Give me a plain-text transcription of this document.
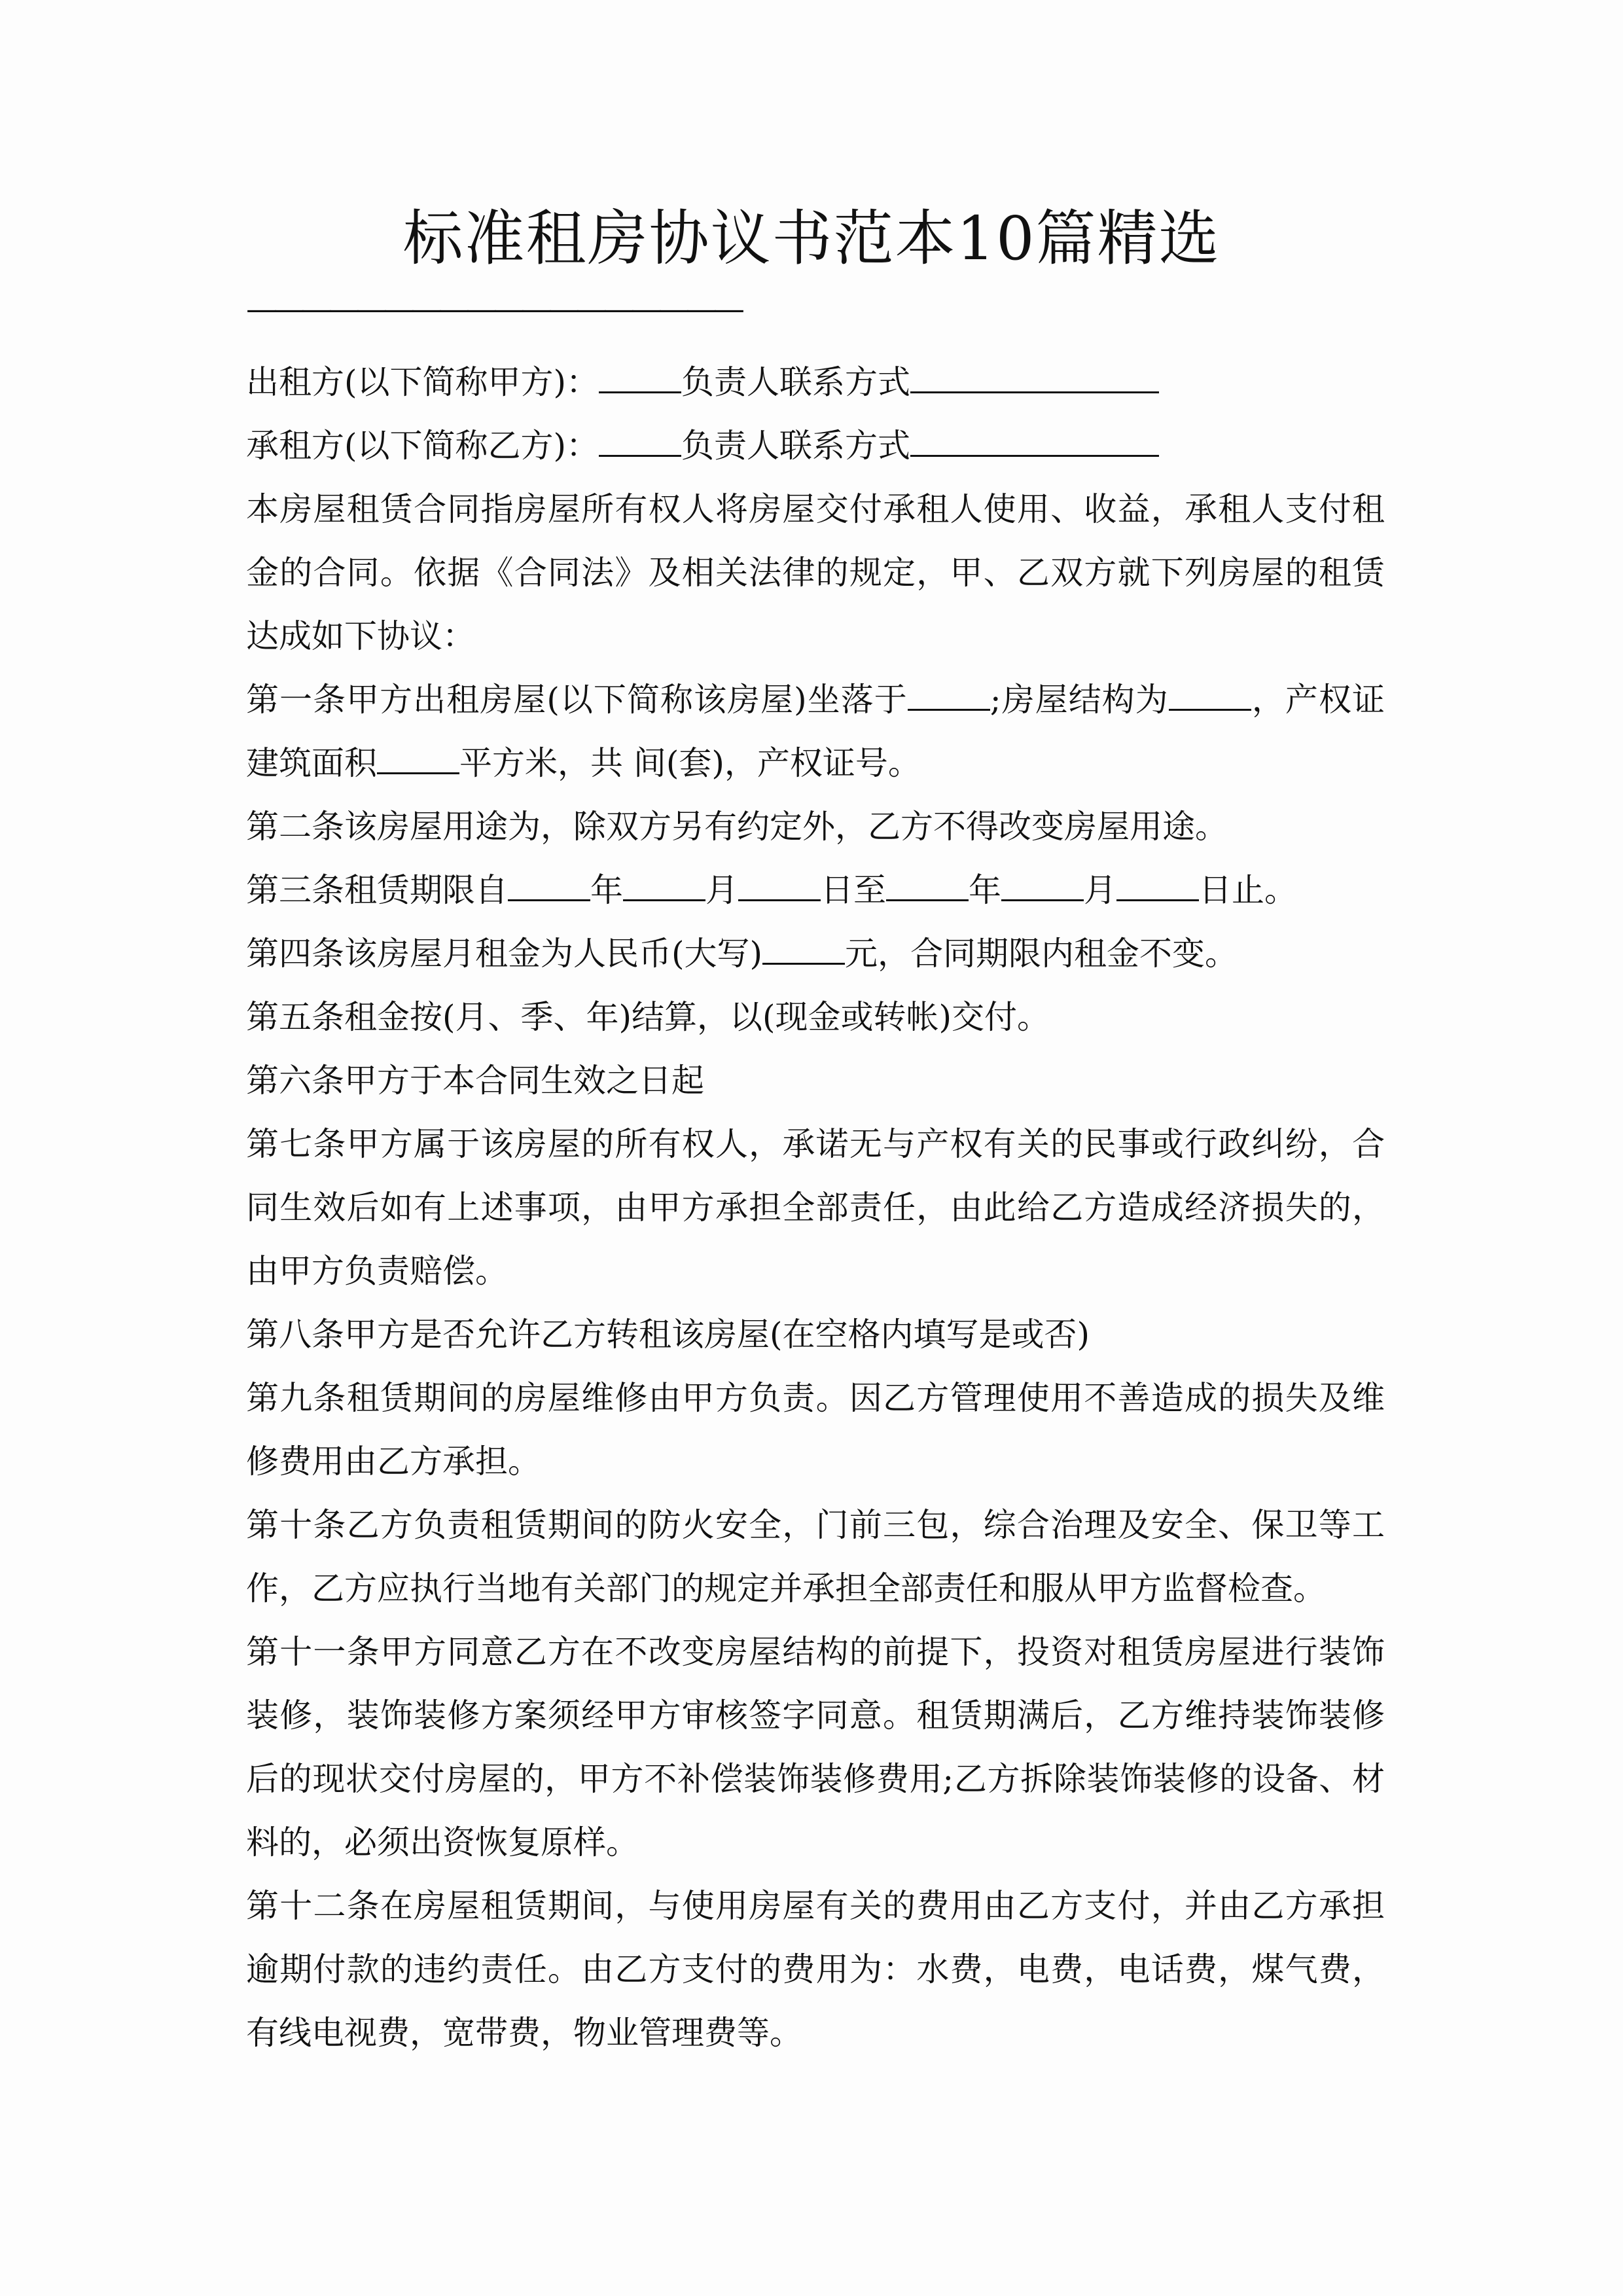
标准租房协议书范本10篇精选
——————————————————

出租方(以下简称甲方)：	负责人联系方式

承租方(以下简称乙方)：	负责人联系方式

本房屋租赁合同指房屋所有权人将房屋交付承租人使用、收益，承租人支付租金的合同。依据《合同法》及相关法律的规定，甲、乙双方就下列房屋的租赁达成如下协议：

第一条甲方出租房屋(以下简称该房屋)坐落于	;房屋结构为	，产权证建筑面积	平方米，共 间(套)，产权证号。

第二条该房屋用途为，除双方另有约定外，乙方不得改变房屋用途。

第三条租赁期限自	年	月	日至	年	月	日止。

第四条该房屋月租金为人民币(大写)	元，合同期限内租金不变。

第五条租金按(月、季、年)结算，以(现金或转帐)交付。

第六条甲方于本合同生效之日起

第七条甲方属于该房屋的所有权人，承诺无与产权有关的民事或行政纠纷，合同生效后如有上述事项，由甲方承担全部责任，由此给乙方造成经济损失的，由甲方负责赔偿。

第八条甲方是否允许乙方转租该房屋(在空格内填写是或否)

第九条租赁期间的房屋维修由甲方负责。因乙方管理使用不善造成的损失及维修费用由乙方承担。

第十条乙方负责租赁期间的防火安全，门前三包，综合治理及安全、保卫等工作，乙方应执行当地有关部门的规定并承担全部责任和服从甲方监督检查。

第十一条甲方同意乙方在不改变房屋结构的前提下，投资对租赁房屋进行装饰装修，装饰装修方案须经甲方审核签字同意。租赁期满后，乙方维持装饰装修后的现状交付房屋的，甲方不补偿装饰装修费用;乙方拆除装饰装修的设备、材料的，必须出资恢复原样。

第十二条在房屋租赁期间，与使用房屋有关的费用由乙方支付，并由乙方承担逾期付款的违约责任。由乙方支付的费用为：水费，电费，电话费，煤气费，有线电视费，宽带费，物业管理费等。
